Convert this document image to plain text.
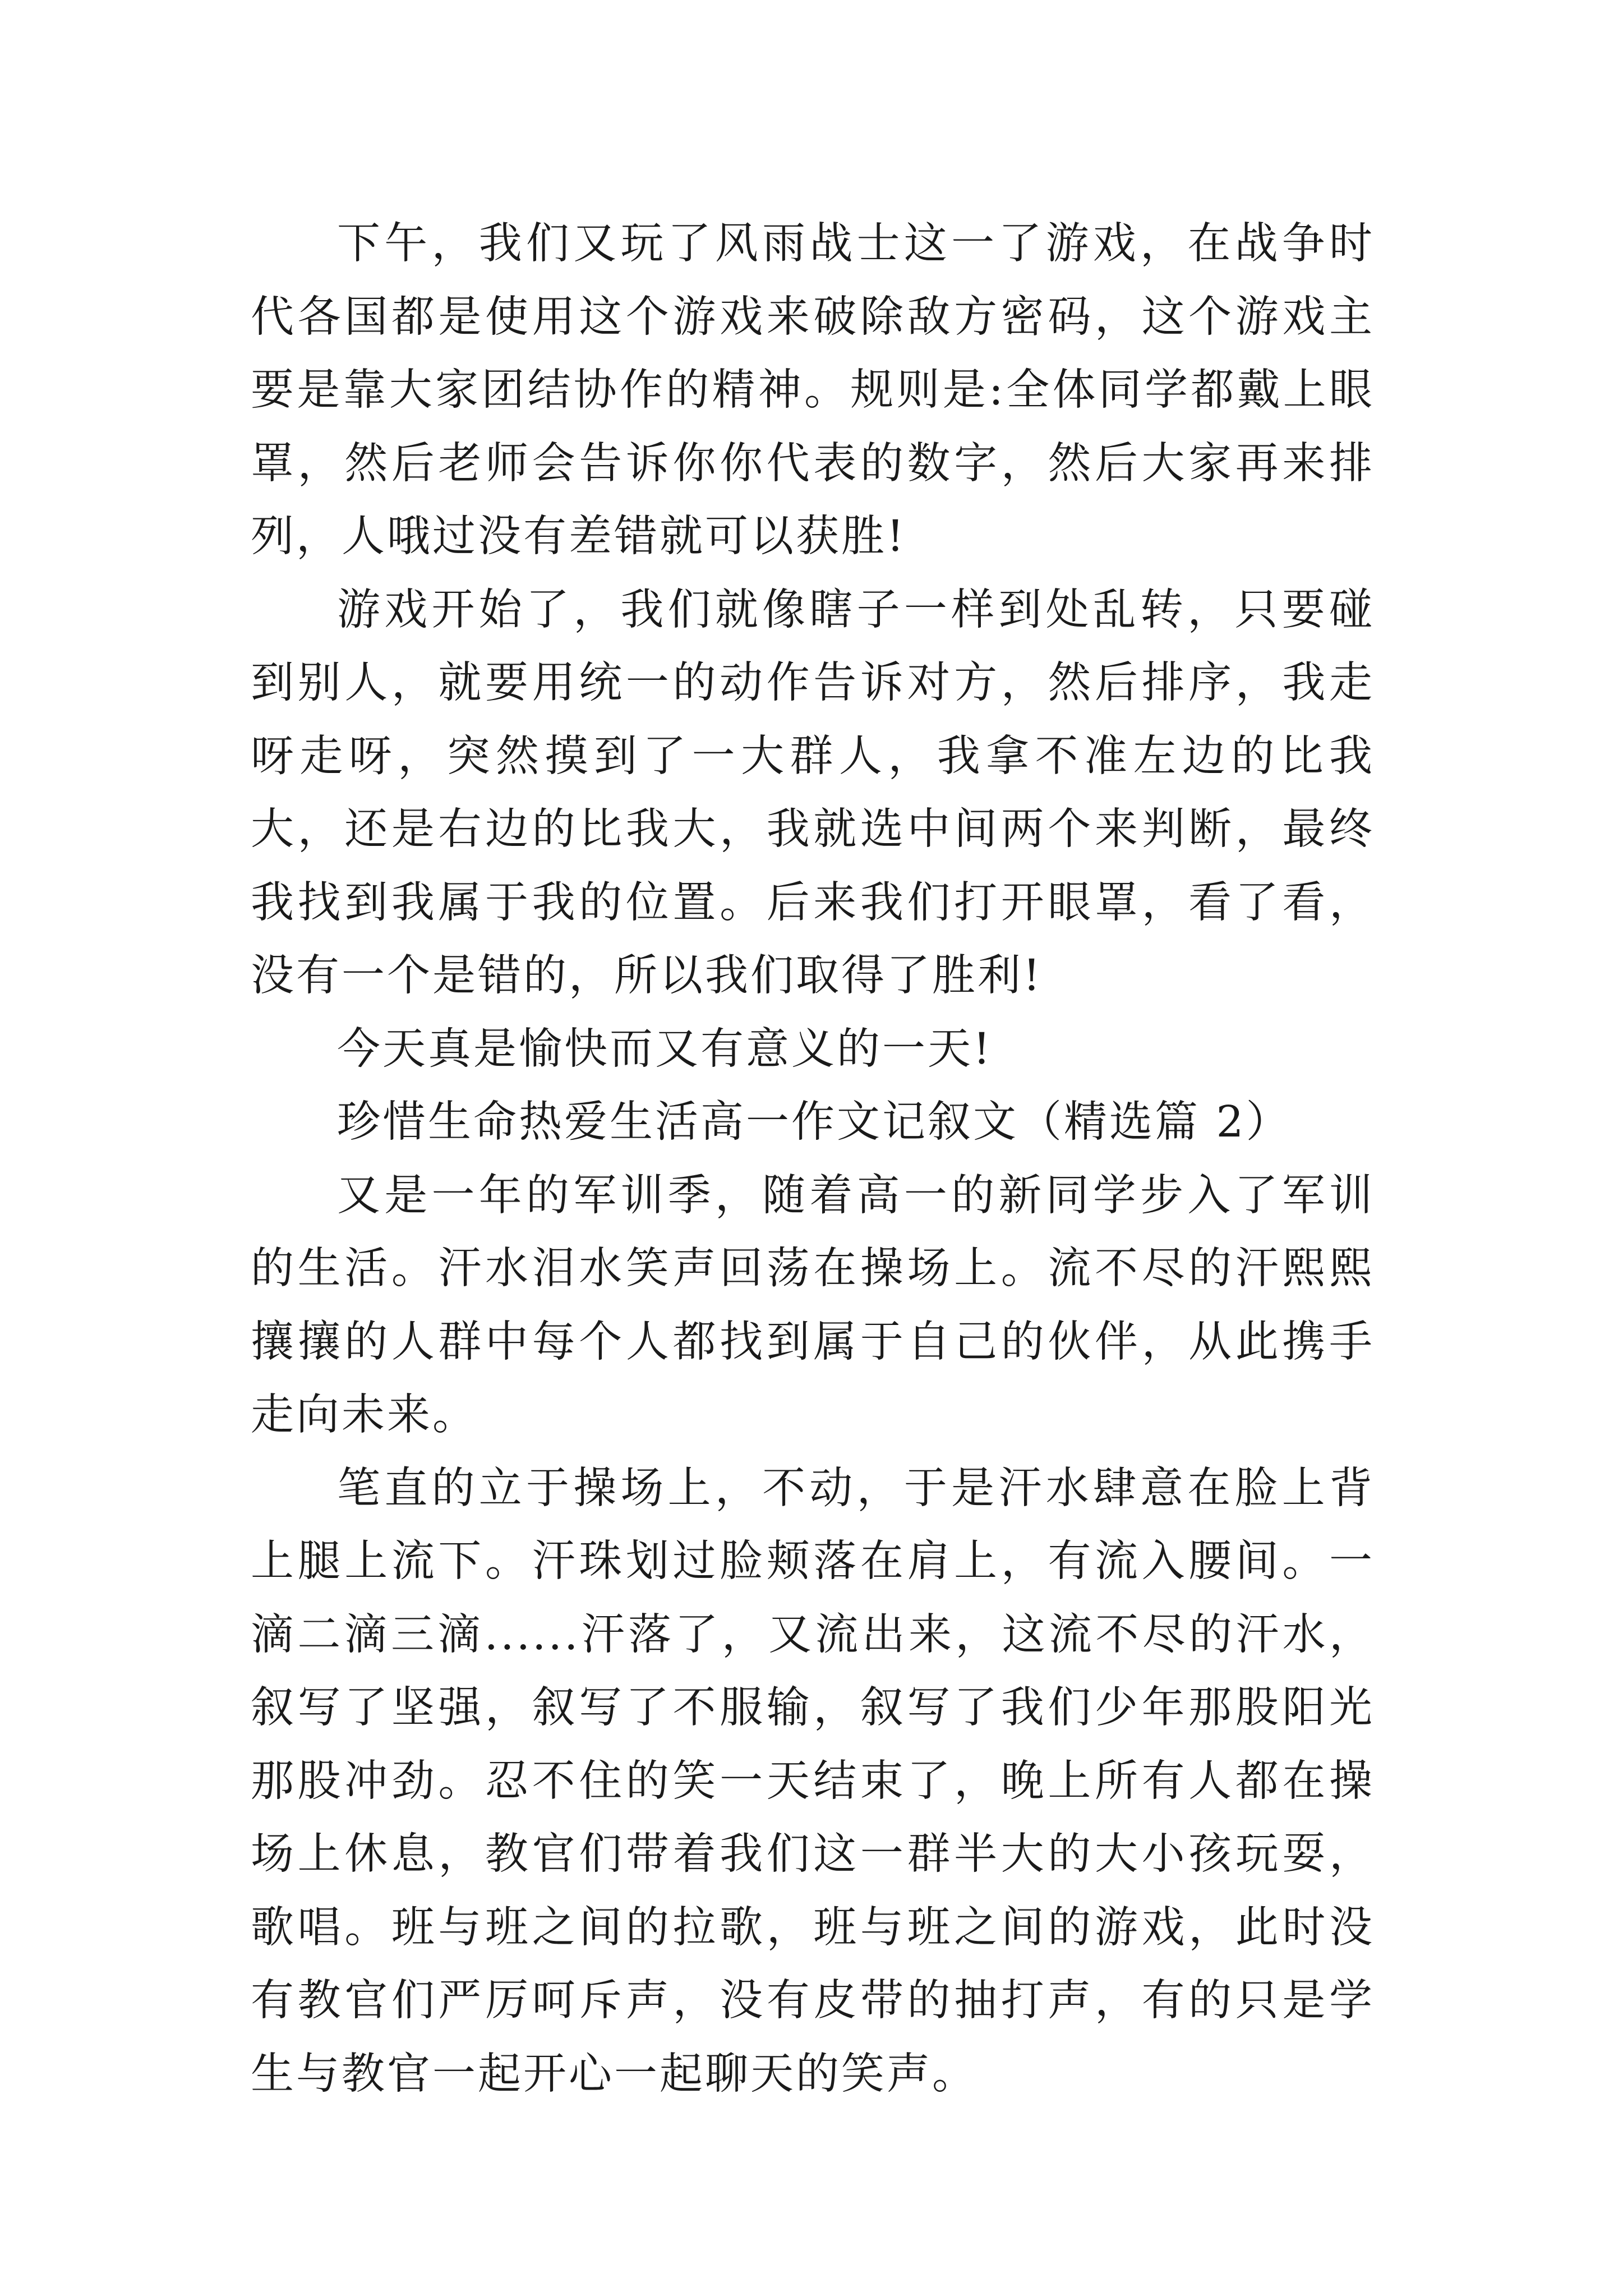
下午，我们又玩了风雨战士这一了游戏，在战争时代各国都是使用这个游戏来破除敌方密码，这个游戏主要是靠大家团结协作的精神。规则是:全体同学都戴上眼罩，然后老师会告诉你你代表的数字，然后大家再来排列，人哦过没有差错就可以获胜!

游戏开始了，我们就像瞎子一样到处乱转，只要碰到别人，就要用统一的动作告诉对方，然后排序，我走呀走呀，突然摸到了一大群人，我拿不准左边的比我大，还是右边的比我大，我就选中间两个来判断，最终我找到我属于我的位置。后来我们打开眼罩，看了看，没有一个是错的，所以我们取得了胜利!

今天真是愉快而又有意义的一天!

珍惜生命热爱生活高一作文记叙文（精选篇 2）

又是一年的军训季，随着高一的新同学步入了军训的生活。汗水泪水笑声回荡在操场上。流不尽的汗熙熙攘攘的人群中每个人都找到属于自己的伙伴，从此携手走向未来。

笔直的立于操场上，不动，于是汗水肆意在脸上背上腿上流下。汗珠划过脸颊落在肩上，有流入腰间。一滴二滴三滴......汗落了，又流出来，这流不尽的汗水，叙写了坚强，叙写了不服输，叙写了我们少年那股阳光那股冲劲。忍不住的笑一天结束了，晚上所有人都在操场上休息，教官们带着我们这一群半大的大小孩玩耍，歌唱。班与班之间的拉歌，班与班之间的游戏，此时没有教官们严厉呵斥声，没有皮带的抽打声，有的只是学生与教官一起开心一起聊天的笑声。
